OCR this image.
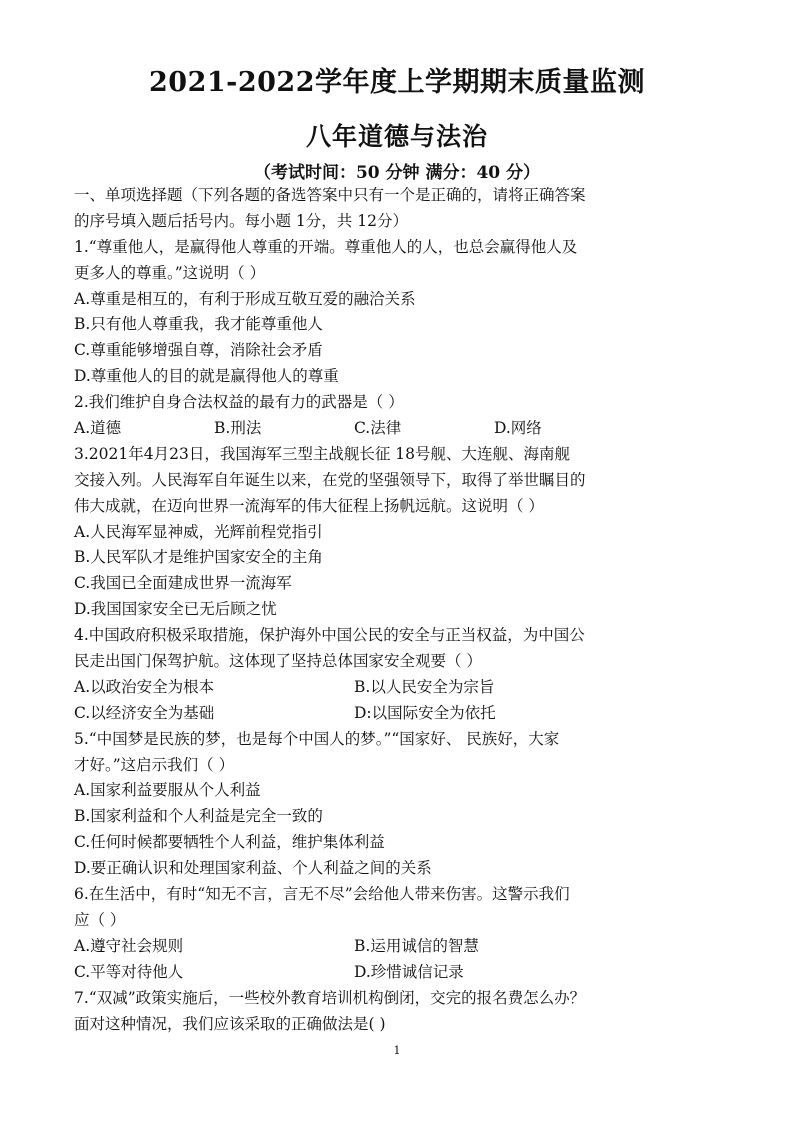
2021-2022学年度上学期期末质量监测
八年道德与法治
（考试时间：50 分钟 满分：40 分）
一、单项选择题（下列各题的备选答案中只有一个是正确的，请将正确答案
的序号填入题后括号内。每小题 1分，共 12分）
1.“尊重他人，是赢得他人尊重的开端。尊重他人的人，也总会赢得他人及
更多人的尊重。”这说明（ ）
A.尊重是相互的，有利于形成互敬互爱的融洽关系
B.只有他人尊重我，我才能尊重他人
C.尊重能够增强自尊，消除社会矛盾
D.尊重他人的目的就是赢得他人的尊重
2.我们维护自身合法权益的最有力的武器是（ ）
A.道德	B.刑法	C.法律	D.网络
3.2021年4月23日，我国海军三型主战舰长征 18号舰、大连舰、海南舰
交接入列。人民海军自年诞生以来，在党的坚强领导下，取得了举世瞩目的
伟大成就，在迈向世界一流海军的伟大征程上扬帆远航。这说明（ ）
A.人民海军显神威，光辉前程党指引
B.人民军队才是维护国家安全的主角
C.我国已全面建成世界一流海军
D.我国国家安全已无后顾之忧
4.中国政府积极采取措施，保护海外中国公民的安全与正当权益，为中国公
民走出国门保驾护航。这体现了坚持总体国家安全观要（ ）
A.以政治安全为根本	B.以人民安全为宗旨
C.以经济安全为基础	D:以国际安全为依托
5.“中国梦是民族的梦，也是每个中国人的梦。”“国家好、 民族好，大家
才好。”这启示我们（ ）
A.国家利益要服从个人利益
B.国家利益和个人利益是完全一致的
C.任何时候都要牺牲个人利益，维护集体利益
D.要正确认识和处理国家利益、个人利益之间的关系
6.在生活中，有时“知无不言，言无不尽”会给他人带来伤害。这警示我们
应（ ）
A.遵守社会规则	B.运用诚信的智慧
C.平等对待他人	D.珍惜诚信记录
7.“双减”政策实施后，一些校外教育培训机构倒闭，交完的报名费怎么办？
面对这种情况，我们应该采取的正确做法是( )
1
